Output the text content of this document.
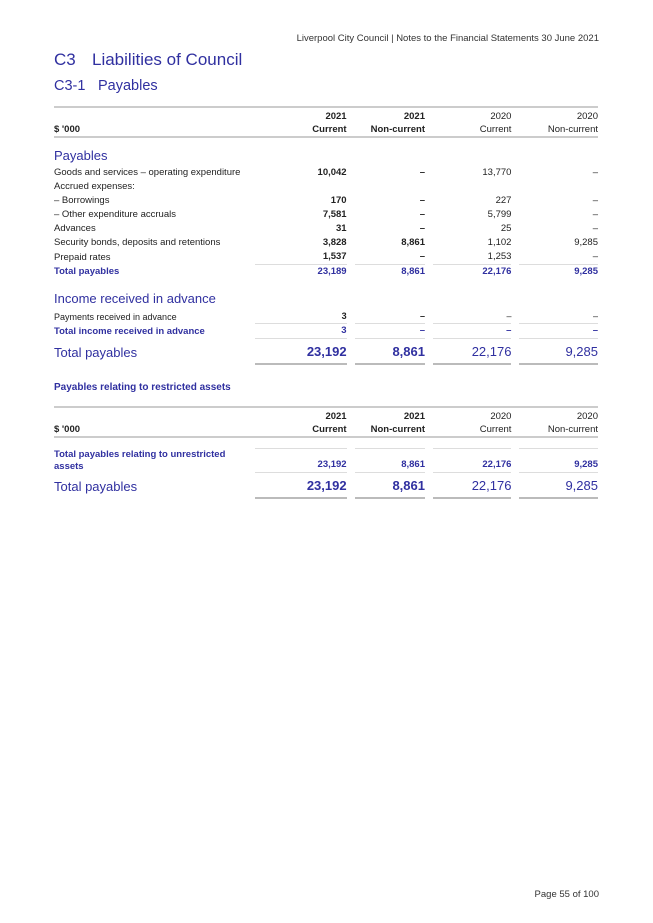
Liverpool City Council | Notes to the Financial Statements 30 June 2021
C3 Liabilities of Council
C3-1 Payables
	2021		2021		2020		2020
$ '000	Current		Non-current		Current		Non-current

Payables							
Goods and services – operating expenditure	10,042		–		13,770		–
Accrued expenses:							
– Borrowings	170		–		227		–
– Other expenditure accruals	7,581		–		5,799		–
Advances	31		–		25		–
Security bonds, deposits and retentions	3,828		8,861		1,102		9,285
Prepaid rates	1,537		–		1,253		–
Total payables	23,189		8,861		22,176		9,285

Income received in advance							
Payments received in advance	3		–		–		–
Total income received in advance	3		–		–		–
Total payables	23,192		8,861		22,176		9,285
Payables relating to restricted assets
	2021		2021		2020		2020
$ '000	Current		Non-current		Current		Non-current

Total payables relating to unrestricted
assets	23,192		8,861		22,176		9,285
Total payables	23,192		8,861		22,176		9,285
Page 55 of 100
